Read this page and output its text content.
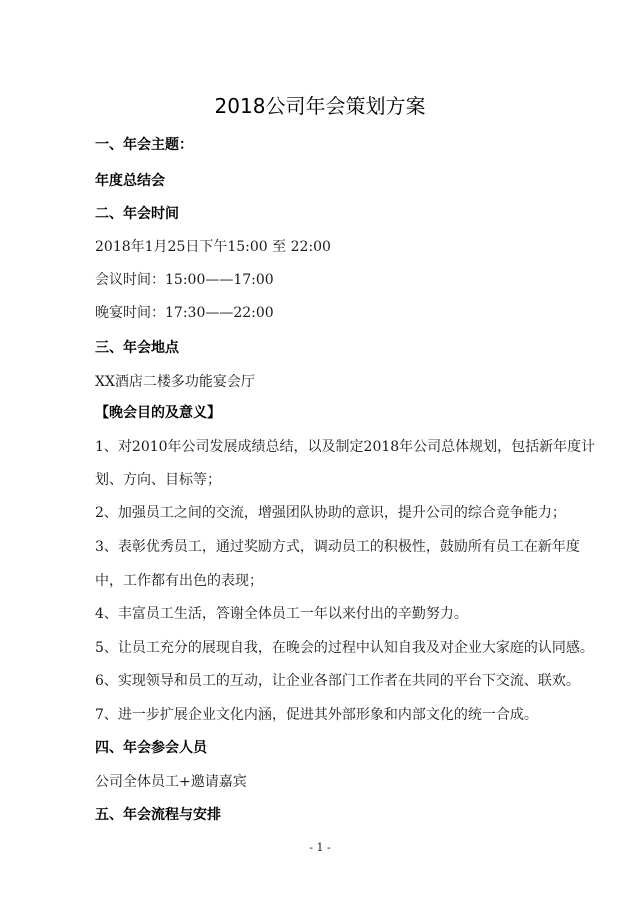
2018公司年会策划方案
一、年会主题：
年度总结会
二、年会时间
2018年1月25日下午15:00 至 22:00
会议时间：15:00——17:00
晚宴时间：17:30——22:00
三、年会地点
XX酒店二楼多功能宴会厅
【晚会目的及意义】
1、对2010年公司发展成绩总结，以及制定2018年公司总体规划，包括新年度计
划、方向、目标等；
2、加强员工之间的交流，增强团队协助的意识，提升公司的综合竞争能力；
3、表彰优秀员工，通过奖励方式，调动员工的积极性，鼓励所有员工在新年度
中，工作都有出色的表现；
4、丰富员工生活，答谢全体员工一年以来付出的辛勤努力。
5、让员工充分的展现自我，在晚会的过程中认知自我及对企业大家庭的认同感。
6、实现领导和员工的互动，让企业各部门工作者在共同的平台下交流、联欢。
7、进一步扩展企业文化内涵，促进其外部形象和内部文化的统一合成。
四、年会参会人员
公司全体员工+邀请嘉宾
五、年会流程与安排
- 1 -
